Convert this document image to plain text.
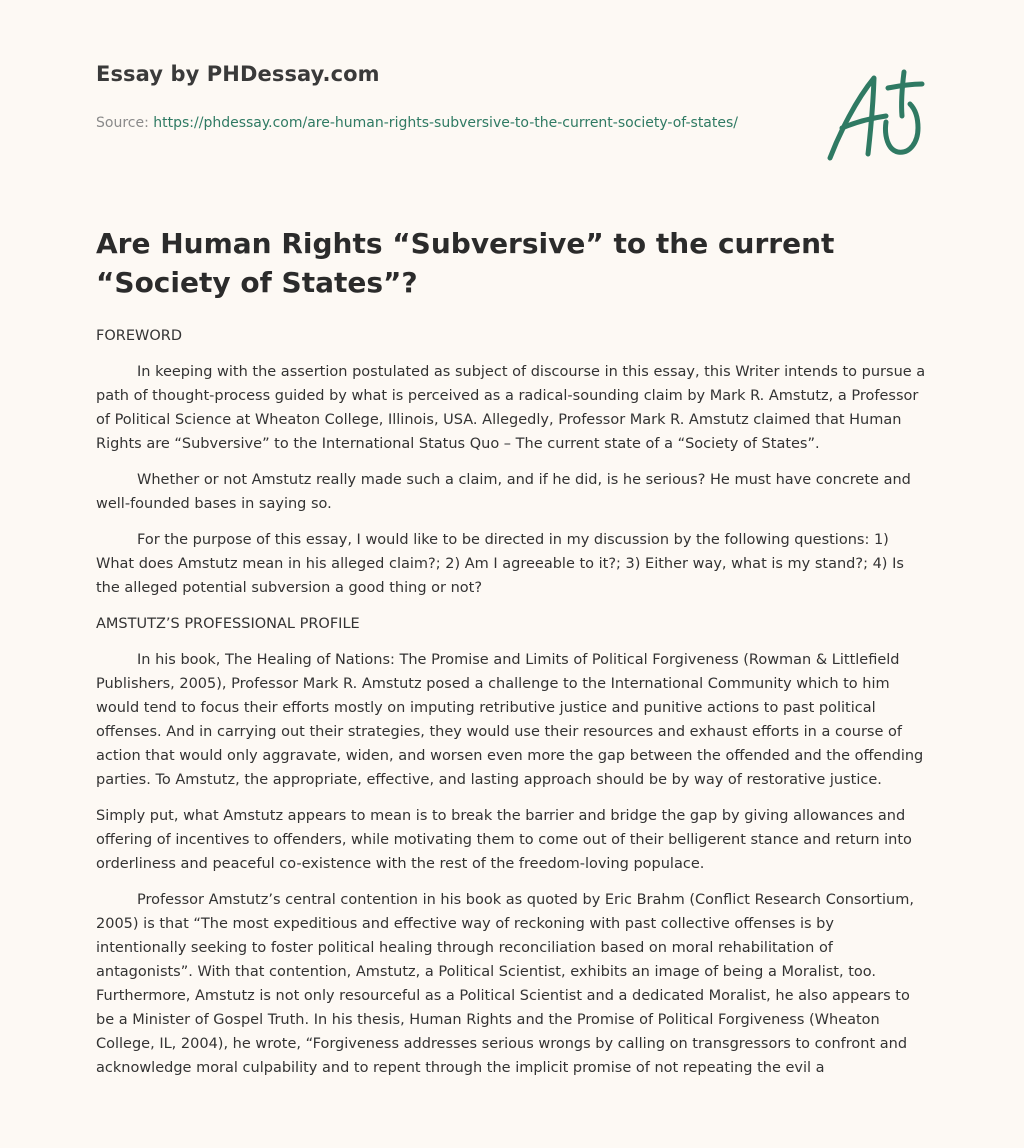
Essay by PHDessay.com
Source: https://phdessay.com/are-human-rights-subversive-to-the-current-society-of-states/
Are Human Rights “Subversive” to the current “Society of States”?

FOREWORD

In keeping with the assertion postulated as subject of discourse in this essay, this Writer intends to pursue a path of thought-process guided by what is perceived as a radical-sounding claim by Mark R. Amstutz, a Professor of Political Science at Wheaton College, Illinois, USA. Allegedly, Professor Mark R. Amstutz claimed that Human Rights are “Subversive” to the International Status Quo – The current state of a “Society of States”.

Whether or not Amstutz really made such a claim, and if he did, is he serious? He must have concrete and well-founded bases in saying so.

For the purpose of this essay, I would like to be directed in my discussion by the following questions: 1) What does Amstutz mean in his alleged claim?; 2) Am I agreeable to it?; 3) Either way, what is my stand?; 4) Is the alleged potential subversion a good thing or not?

AMSTUTZ’S PROFESSIONAL PROFILE

In his book, The Healing of Nations: The Promise and Limits of Political Forgiveness (Rowman & Littlefield Publishers, 2005), Professor Mark R. Amstutz posed a challenge to the International Community which to him would tend to focus their efforts mostly on imputing retributive justice and punitive actions to past political offenses. And in carrying out their strategies, they would use their resources and exhaust efforts in a course of action that would only aggravate, widen, and worsen even more the gap between the offended and the offending parties. To Amstutz, the appropriate, effective, and lasting approach should be by way of restorative justice.

Simply put, what Amstutz appears to mean is to break the barrier and bridge the gap by giving allowances and offering of incentives to offenders, while motivating them to come out of their belligerent stance and return into orderliness and peaceful co-existence with the rest of the freedom-loving populace.

Professor Amstutz’s central contention in his book as quoted by Eric Brahm (Conflict Research Consortium, 2005) is that “The most expeditious and effective way of reckoning with past collective offenses is by intentionally seeking to foster political healing through reconciliation based on moral rehabilitation of antagonists”. With that contention, Amstutz, a Political Scientist, exhibits an image of being a Moralist, too. Furthermore, Amstutz is not only resourceful as a Political Scientist and a dedicated Moralist, he also appears to be a Minister of Gospel Truth. In his thesis, Human Rights and the Promise of Political Forgiveness (Wheaton College, IL, 2004), he wrote, “Forgiveness addresses serious wrongs by calling on transgressors to confront and acknowledge moral culpability and to repent through the implicit promise of not repeating the evil a
